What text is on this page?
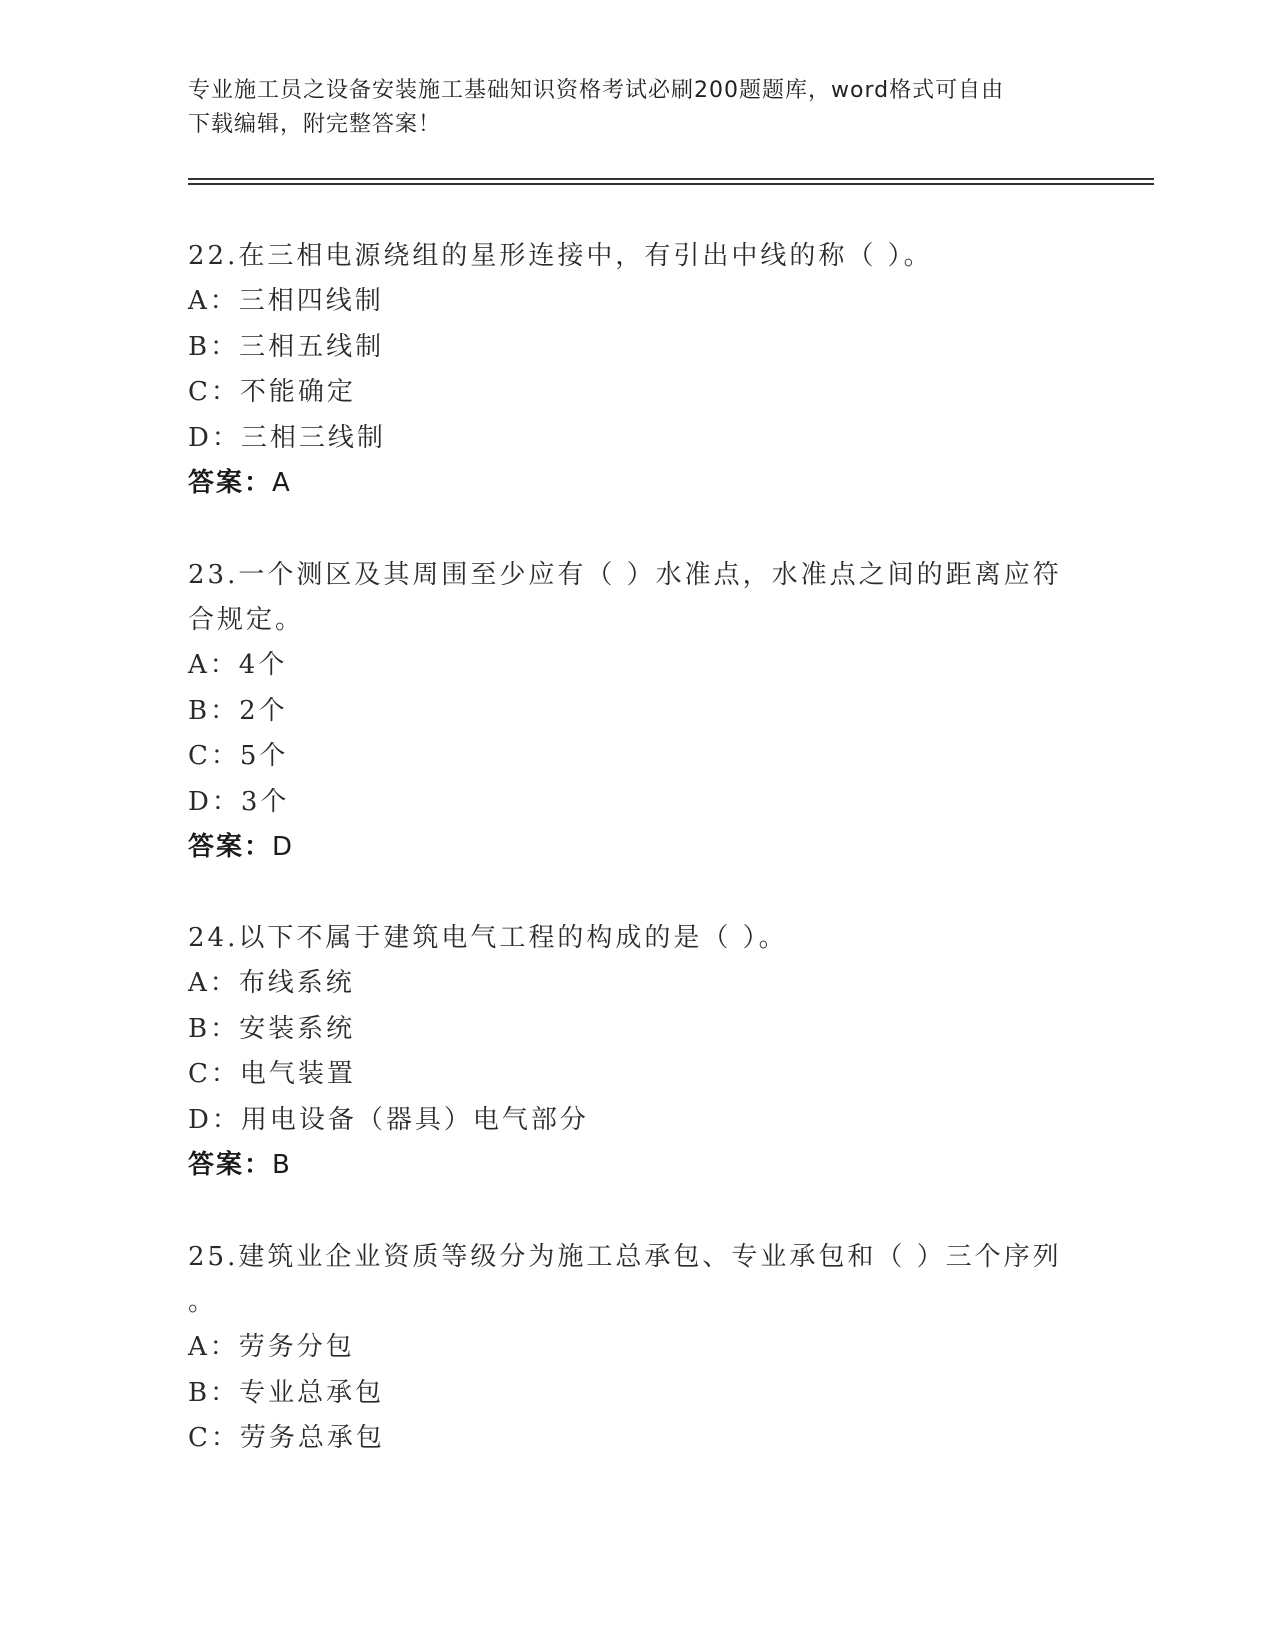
专业施工员之设备安装施工基础知识资格考试必刷200题题库，word格式可自由
下载编辑，附完整答案！

22.在三相电源绕组的星形连接中，有引出中线的称（ ）。

A：三相四线制

B：三相五线制

C：不能确定

D：三相三线制

答案：A

23.一个测区及其周围至少应有（ ）水准点，水准点之间的距离应符

合规定。

A：4个

B：2个

C：5个

D：3个

答案：D

24.以下不属于建筑电气工程的构成的是（ ）。

A：布线系统

B：安装系统

C：电气装置

D：用电设备（器具）电气部分

答案：B

25.建筑业企业资质等级分为施工总承包、专业承包和（ ）三个序列

。

A：劳务分包

B：专业总承包

C：劳务总承包
